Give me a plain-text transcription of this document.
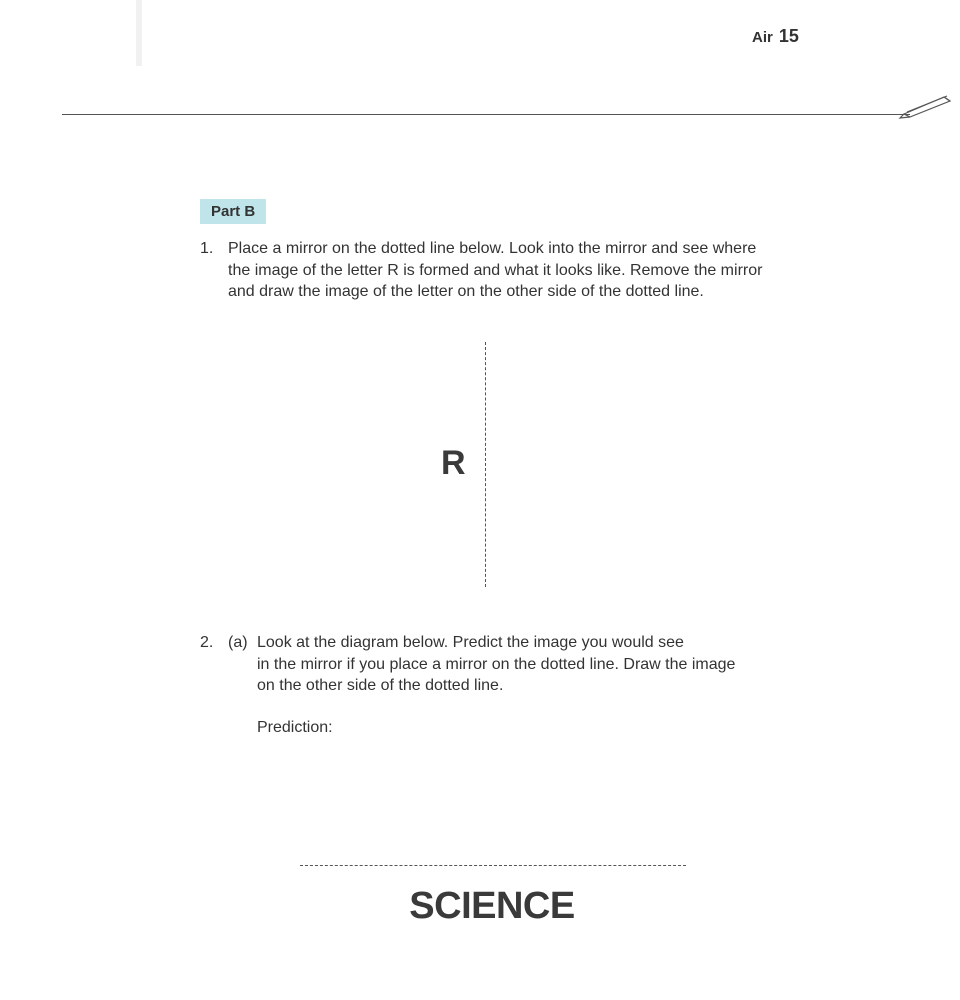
Air 15
Part B
1. Place a mirror on the dotted line below. Look into the mirror and see where the image of the letter R is formed and what it looks like. Remove the mirror and draw the image of the letter on the other side of the dotted line.
R
2. (a) Look at the diagram below. Predict the image you would see
in the mirror if you place a mirror on the dotted line. Draw the image
on the other side of the dotted line.
Prediction:
SCIENCE
